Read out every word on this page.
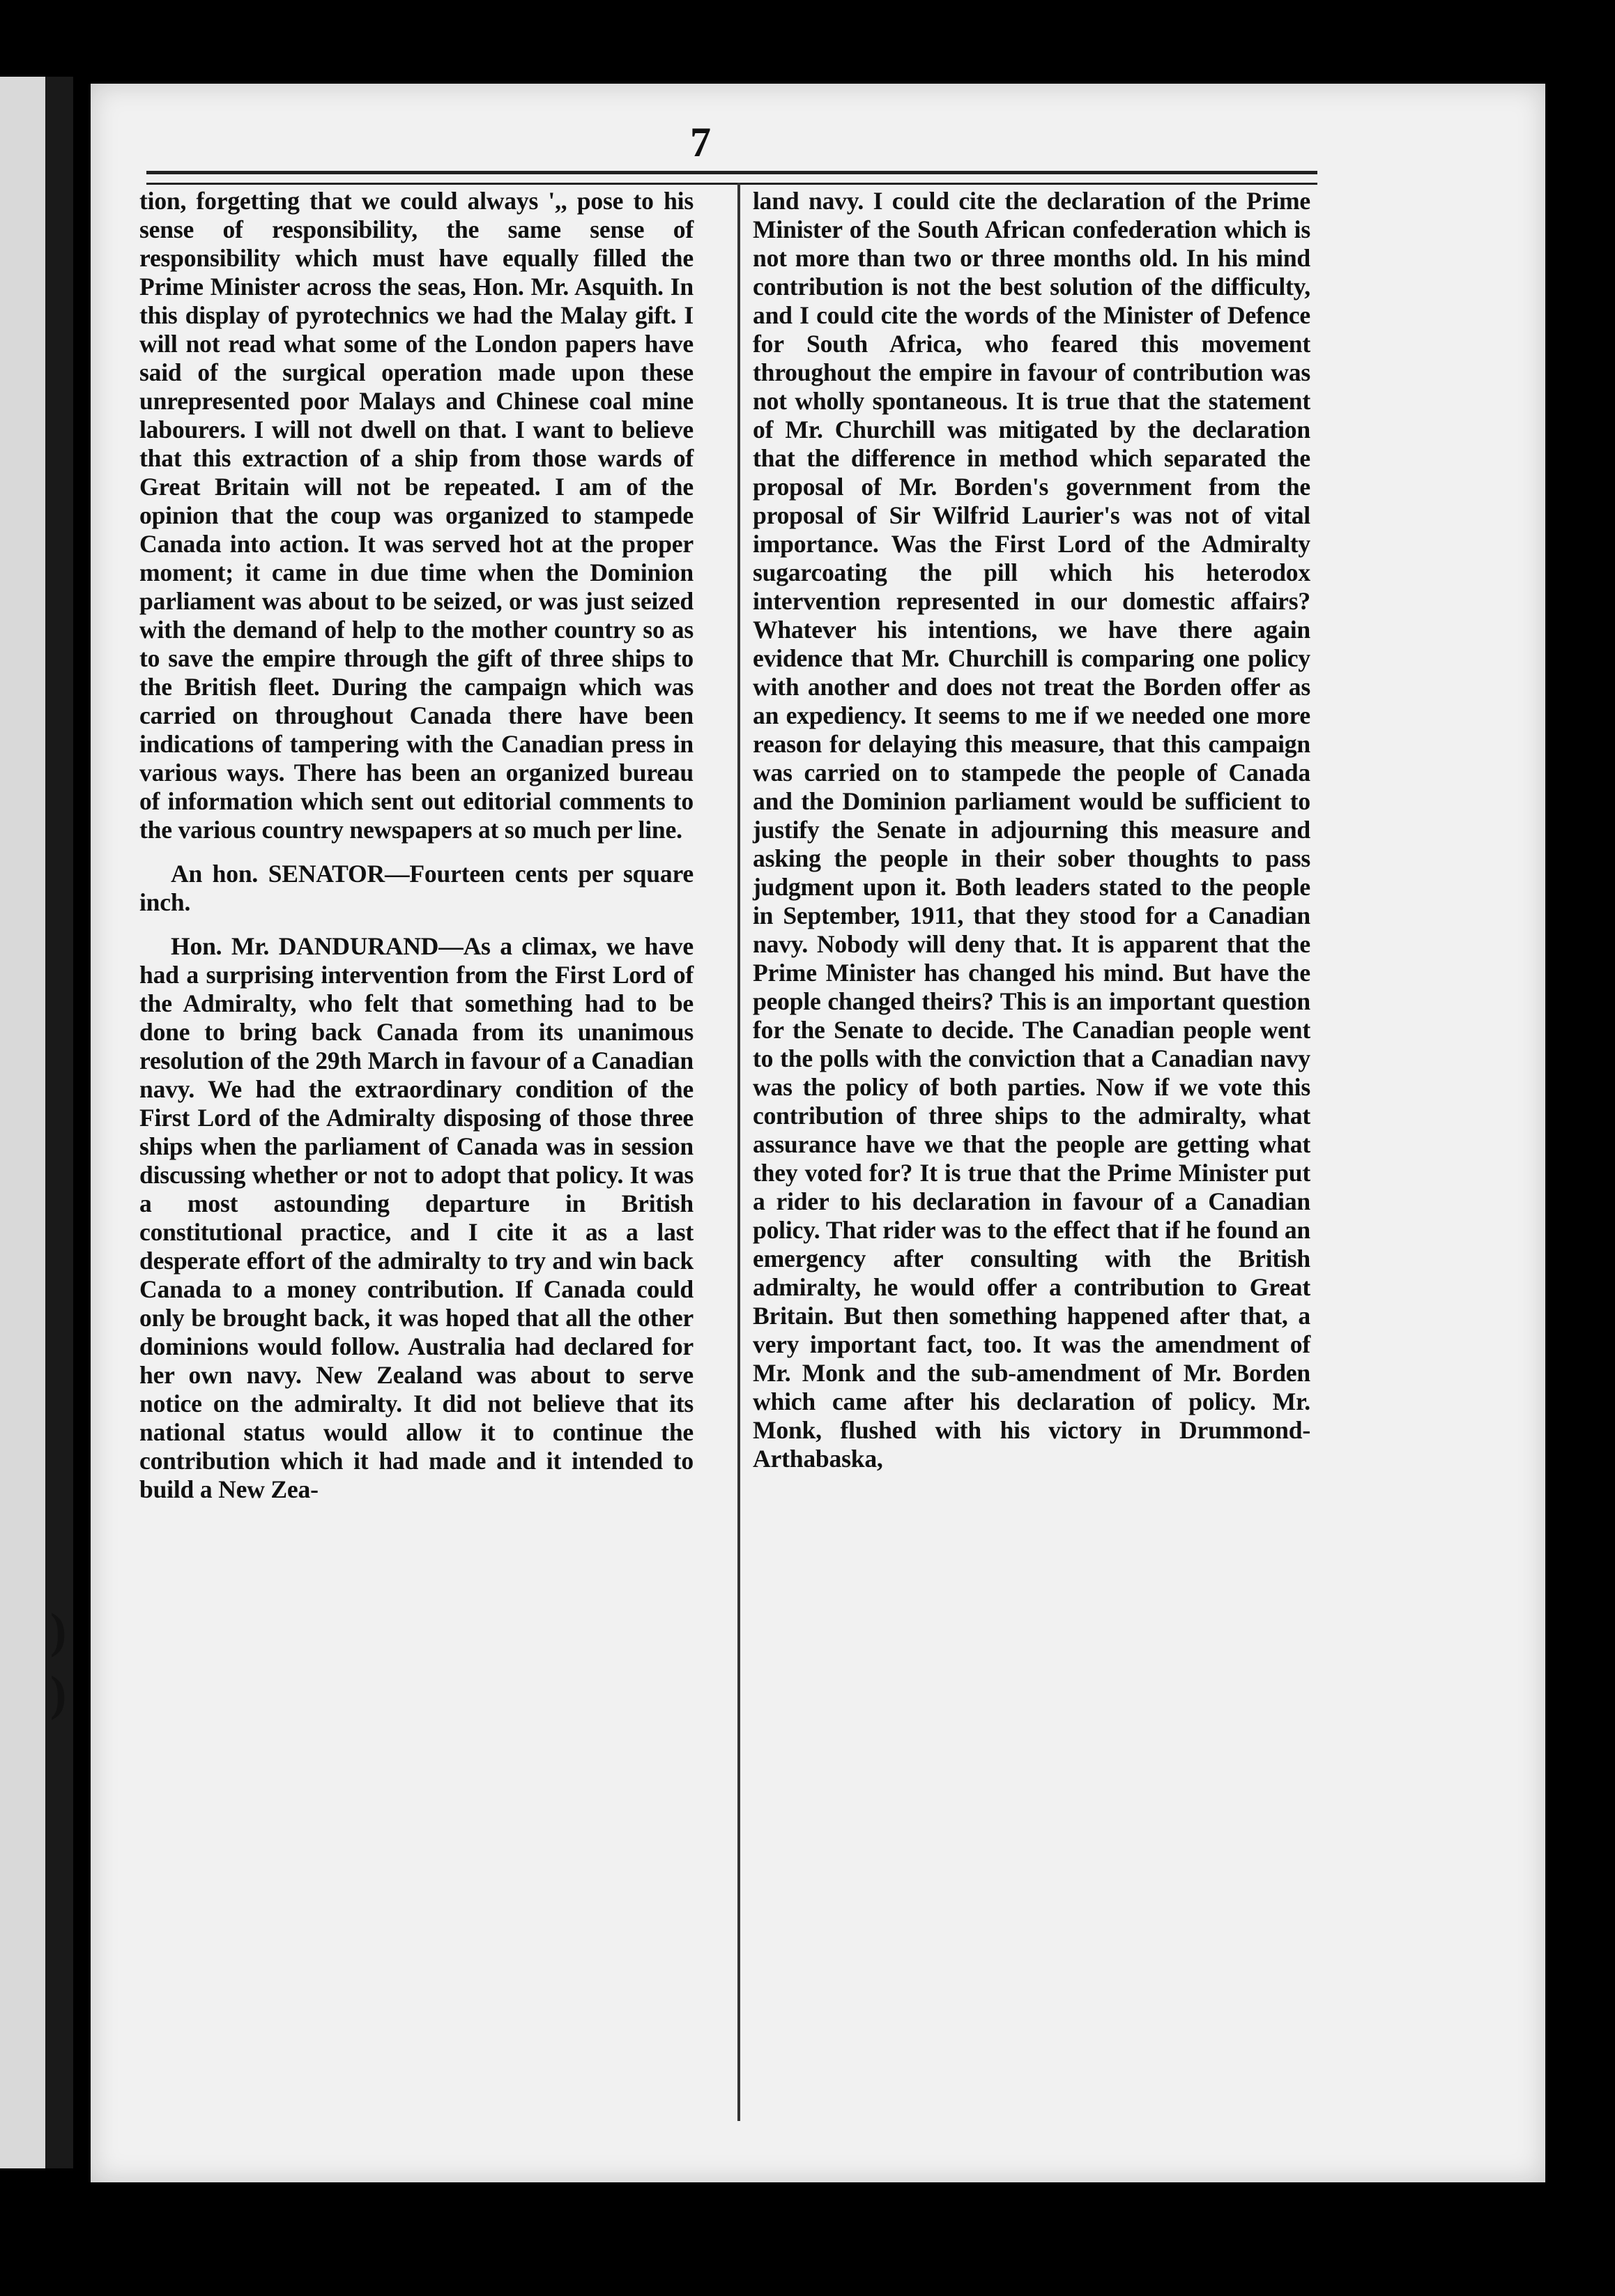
)
)
7

tion, forgetting that we could always ',, pose to his sense of responsibility, the same sense of responsibility which must have equally filled the Prime Minister across the seas, Hon. Mr. Asquith. In this display of pyrotechnics we had the Malay gift. I will not read what some of the London papers have said of the surgical operation made upon these unrepresented poor Malays and Chinese coal mine labourers. I will not dwell on that. I want to believe that this extraction of a ship from those wards of Great Britain will not be repeated. I am of the opinion that the coup was organized to stampede Canada into action. It was served hot at the proper moment; it came in due time when the Dominion parliament was about to be seized, or was just seized with the demand of help to the mother country so as to save the empire through the gift of three ships to the British fleet. During the campaign which was carried on throughout Canada there have been indications of tampering with the Canadian press in various ways. There has been an organized bureau of information which sent out editorial comments to the various country newspapers at so much per line.

An hon. SENATOR—Fourteen cents per square inch.

Hon. Mr. DANDURAND—As a climax, we have had a surprising intervention from the First Lord of the Admiralty, who felt that something had to be done to bring back Canada from its unanimous resolution of the 29th March in favour of a Canadian navy. We had the extraordinary condition of the First Lord of the Admiralty disposing of those three ships when the parliament of Canada was in session discussing whether or not to adopt that policy. It was a most astounding departure in British constitutional practice, and I cite it as a last desperate effort of the admiralty to try and win back Canada to a money contribution. If Canada could only be brought back, it was hoped that all the other dominions would follow. Australia had declared for her own navy. New Zealand was about to serve notice on the admiralty. It did not believe that its national status would allow it to continue the contribution which it had made and it intended to build a New Zea-

land navy. I could cite the declaration of the Prime Minister of the South African confederation which is not more than two or three months old. In his mind contribution is not the best solution of the difficulty, and I could cite the words of the Minister of Defence for South Africa, who feared this movement throughout the empire in favour of contribution was not wholly spontaneous. It is true that the statement of Mr. Churchill was mitigated by the declaration that the difference in method which separated the proposal of Mr. Borden's government from the proposal of Sir Wilfrid Laurier's was not of vital importance. Was the First Lord of the Admiralty sugarcoating the pill which his heterodox intervention represented in our domestic affairs? Whatever his intentions, we have there again evidence that Mr. Churchill is comparing one policy with another and does not treat the Borden offer as an expediency. It seems to me if we needed one more reason for delaying this measure, that this campaign was carried on to stampede the people of Canada and the Dominion parliament would be sufficient to justify the Senate in adjourning this measure and asking the people in their sober thoughts to pass judgment upon it. Both leaders stated to the people in September, 1911, that they stood for a Canadian navy. Nobody will deny that. It is apparent that the Prime Minister has changed his mind. But have the people changed theirs? This is an important question for the Senate to decide. The Canadian people went to the polls with the conviction that a Canadian navy was the policy of both parties. Now if we vote this contribution of three ships to the admiralty, what assurance have we that the people are getting what they voted for? It is true that the Prime Minister put a rider to his declaration in favour of a Canadian policy. That rider was to the effect that if he found an emergency after consulting with the British admiralty, he would offer a contribution to Great Britain. But then something happened after that, a very important fact, too. It was the amendment of Mr. Monk and the sub-amendment of Mr. Borden which came after his declaration of policy. Mr. Monk, flushed with his victory in Drummond-Arthabaska,
